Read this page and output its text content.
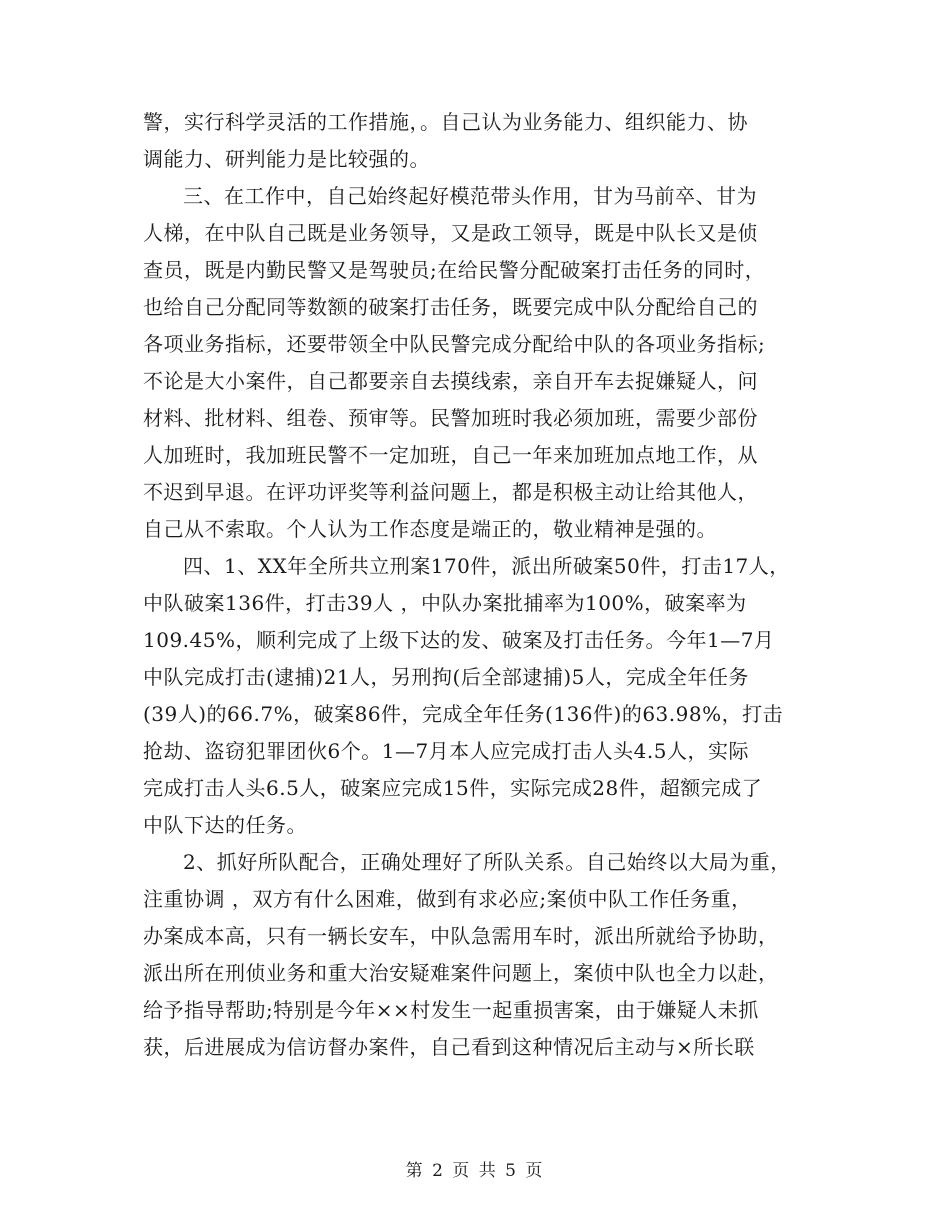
警，实行科学灵活的工作措施，。自己认为业务能力、组织能力、协
调能力、研判能力是比较强的。
三、在工作中，自己始终起好模范带头作用，甘为马前卒、甘为
人梯，在中队自己既是业务领导，又是政工领导，既是中队长又是侦
查员，既是内勤民警又是驾驶员;在给民警分配破案打击任务的同时，
也给自己分配同等数额的破案打击任务，既要完成中队分配给自己的
各项业务指标，还要带领全中队民警完成分配给中队的各项业务指标;
不论是大小案件，自己都要亲自去摸线索，亲自开车去捉嫌疑人，问
材料、批材料、组卷、预审等。民警加班时我必须加班，需要少部份
人加班时，我加班民警不一定加班，自己一年来加班加点地工作，从
不迟到早退。在评功评奖等利益问题上，都是积极主动让给其他人，
自己从不索取。个人认为工作态度是端正的，敬业精神是强的。
四、1、XX年全所共立刑案170件，派出所破案50件，打击17人，
中队破案136件，打击39人 ，中队办案批捕率为100%，破案率为
109.45%，顺利完成了上级下达的发、破案及打击任务。今年1—7月
中队完成打击(逮捕)21人，另刑拘(后全部逮捕)5人，完成全年任务
(39人)的66.7%，破案86件，完成全年任务(136件)的63.98%，打击
抢劫、盗窃犯罪团伙6个。1—7月本人应完成打击人头4.5人，实际
完成打击人头6.5人，破案应完成15件，实际完成28件，超额完成了
中队下达的任务。
2、抓好所队配合，正确处理好了所队关系。自己始终以大局为重，
注重协调 ，双方有什么困难，做到有求必应;案侦中队工作任务重，
办案成本高，只有一辆长安车，中队急需用车时，派出所就给予协助，
派出所在刑侦业务和重大治安疑难案件问题上，案侦中队也全力以赴，
给予指导帮助;特别是今年××村发生一起重损害案，由于嫌疑人未抓
获，后进展成为信访督办案件，自己看到这种情况后主动与×所长联
第 2 页 共 5 页
